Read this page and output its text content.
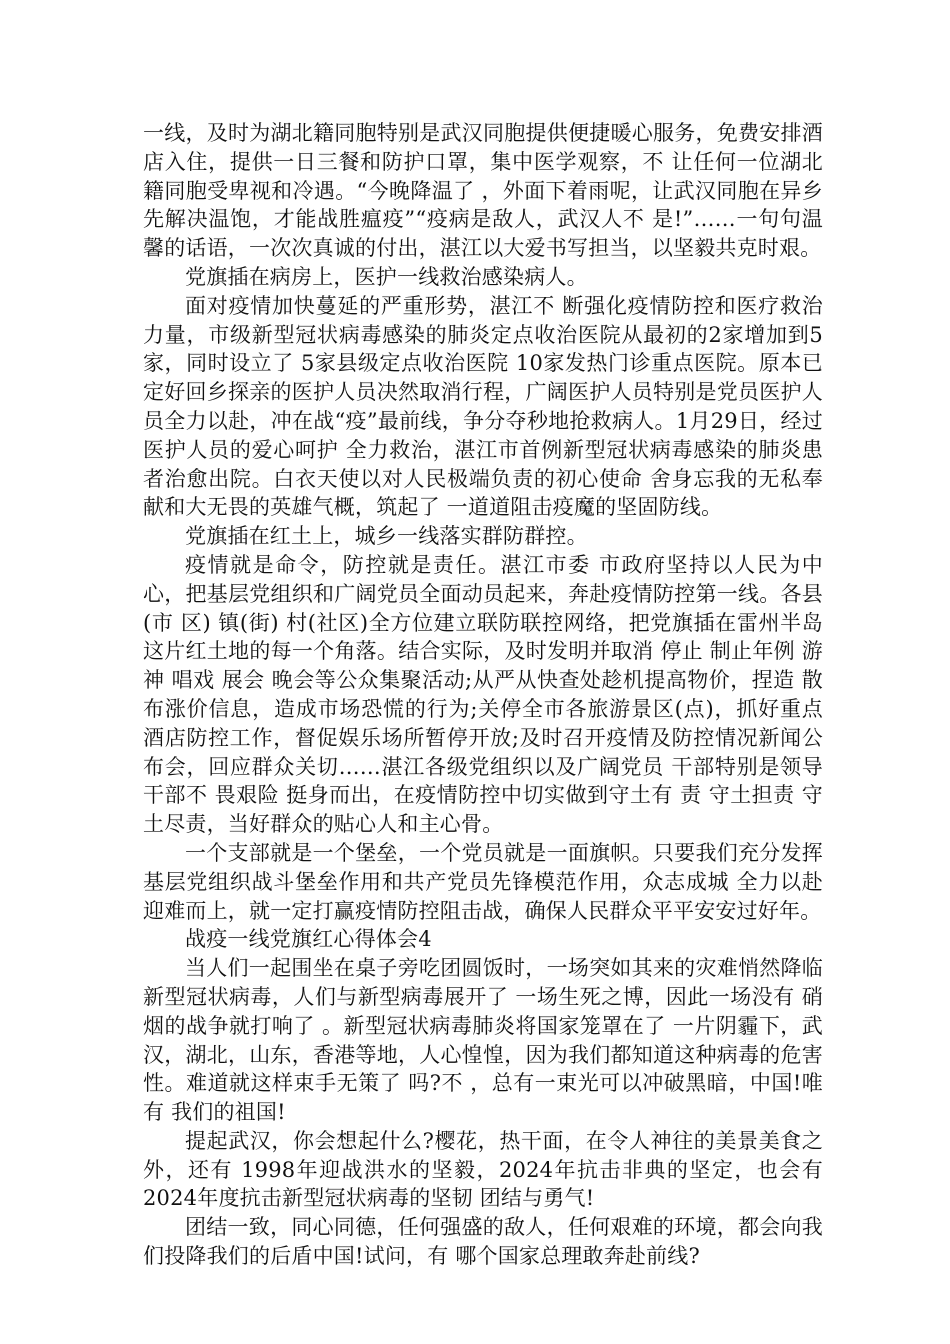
一线，及时为湖北籍同胞特别是武汉同胞提供便捷暖心服务，免费安排酒店入住，提供一日三餐和防护口罩，集中医学观察，不 让任何一位湖北籍同胞受卑视和冷遇。“今晚降温了 ，外面下着雨呢，让武汉同胞在异乡先解决温饱，才能战胜瘟疫”“疫病是敌人，武汉人不 是!”……一句句温馨的话语，一次次真诚的付出，湛江以大爱书写担当，以坚毅共克时艰。

党旗插在病房上，医护一线救治感染病人。

面对疫情加快蔓延的严重形势，湛江不 断强化疫情防控和医疗救治力量，市级新型冠状病毒感染的肺炎定点收治医院从最初的2家增加到5家，同时设立了 5家县级定点收治医院 10家发热门诊重点医院。原本已定好回乡探亲的医护人员决然取消行程，广阔医护人员特别是党员医护人员全力以赴，冲在战“疫”最前线，争分夺秒地抢救病人。1月29日，经过医护人员的爱心呵护 全力救治，湛江市首例新型冠状病毒感染的肺炎患者治愈出院。白衣天使以对人民极端负责的初心使命 舍身忘我的无私奉献和大无畏的英雄气概，筑起了 一道道阻击疫魔的坚固防线。

党旗插在红土上，城乡一线落实群防群控。

疫情就是命令，防控就是责任。湛江市委 市政府坚持以人民为中心，把基层党组织和广阔党员全面动员起来，奔赴疫情防控第一线。各县(市 区) 镇(街) 村(社区)全方位建立联防联控网络，把党旗插在雷州半岛这片红土地的每一个角落。结合实际，及时发明并取消 停止 制止年例 游神 唱戏 展会 晚会等公众集聚活动;从严从快查处趁机提高物价，捏造 散布涨价信息，造成市场恐慌的行为;关停全市各旅游景区(点)，抓好重点酒店防控工作，督促娱乐场所暂停开放;及时召开疫情及防控情况新闻公布会，回应群众关切……湛江各级党组织以及广阔党员 干部特别是领导干部不 畏艰险 挺身而出，在疫情防控中切实做到守土有 责 守土担责 守土尽责，当好群众的贴心人和主心骨。

一个支部就是一个堡垒，一个党员就是一面旗帜。只要我们充分发挥基层党组织战斗堡垒作用和共产党员先锋模范作用，众志成城 全力以赴 迎难而上，就一定打赢疫情防控阻击战，确保人民群众平平安安过好年。

战疫一线党旗红心得体会4

当人们一起围坐在桌子旁吃团圆饭时，一场突如其来的灾难悄然降临新型冠状病毒，人们与新型病毒展开了 一场生死之博，因此一场没有 硝烟的战争就打响了 。新型冠状病毒肺炎将国家笼罩在了 一片阴霾下，武汉，湖北，山东，香港等地，人心惶惶，因为我们都知道这种病毒的危害性。难道就这样束手无策了 吗?不 ，总有一束光可以冲破黑暗，中国!唯有 我们的祖国!

提起武汉，你会想起什么?樱花，热干面，在令人神往的美景美食之外，还有 1998年迎战洪水的坚毅，2024年抗击非典的坚定，也会有 2024年度抗击新型冠状病毒的坚韧 团结与勇气!

团结一致，同心同德，任何强盛的敌人，任何艰难的环境，都会向我们投降我们的后盾中国!试问，有 哪个国家总理敢奔赴前线?
